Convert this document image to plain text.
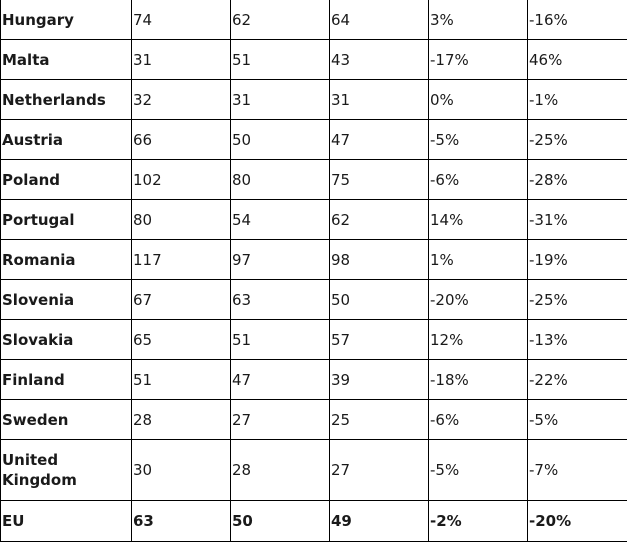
Hungary	74	62	64	3%	-16%
Malta	31	51	43	-17%	46%
Netherlands	32	31	31	0%	-1%
Austria	66	50	47	-5%	-25%
Poland	102	80	75	-6%	-28%
Portugal	80	54	62	14%	-31%
Romania	117	97	98	1%	-19%
Slovenia	67	63	50	-20%	-25%
Slovakia	65	51	57	12%	-13%
Finland	51	47	39	-18%	-22%
Sweden	28	27	25	-6%	-5%
United Kingdom	30	28	27	-5%	-7%
EU	63	50	49	-2%	-20%
